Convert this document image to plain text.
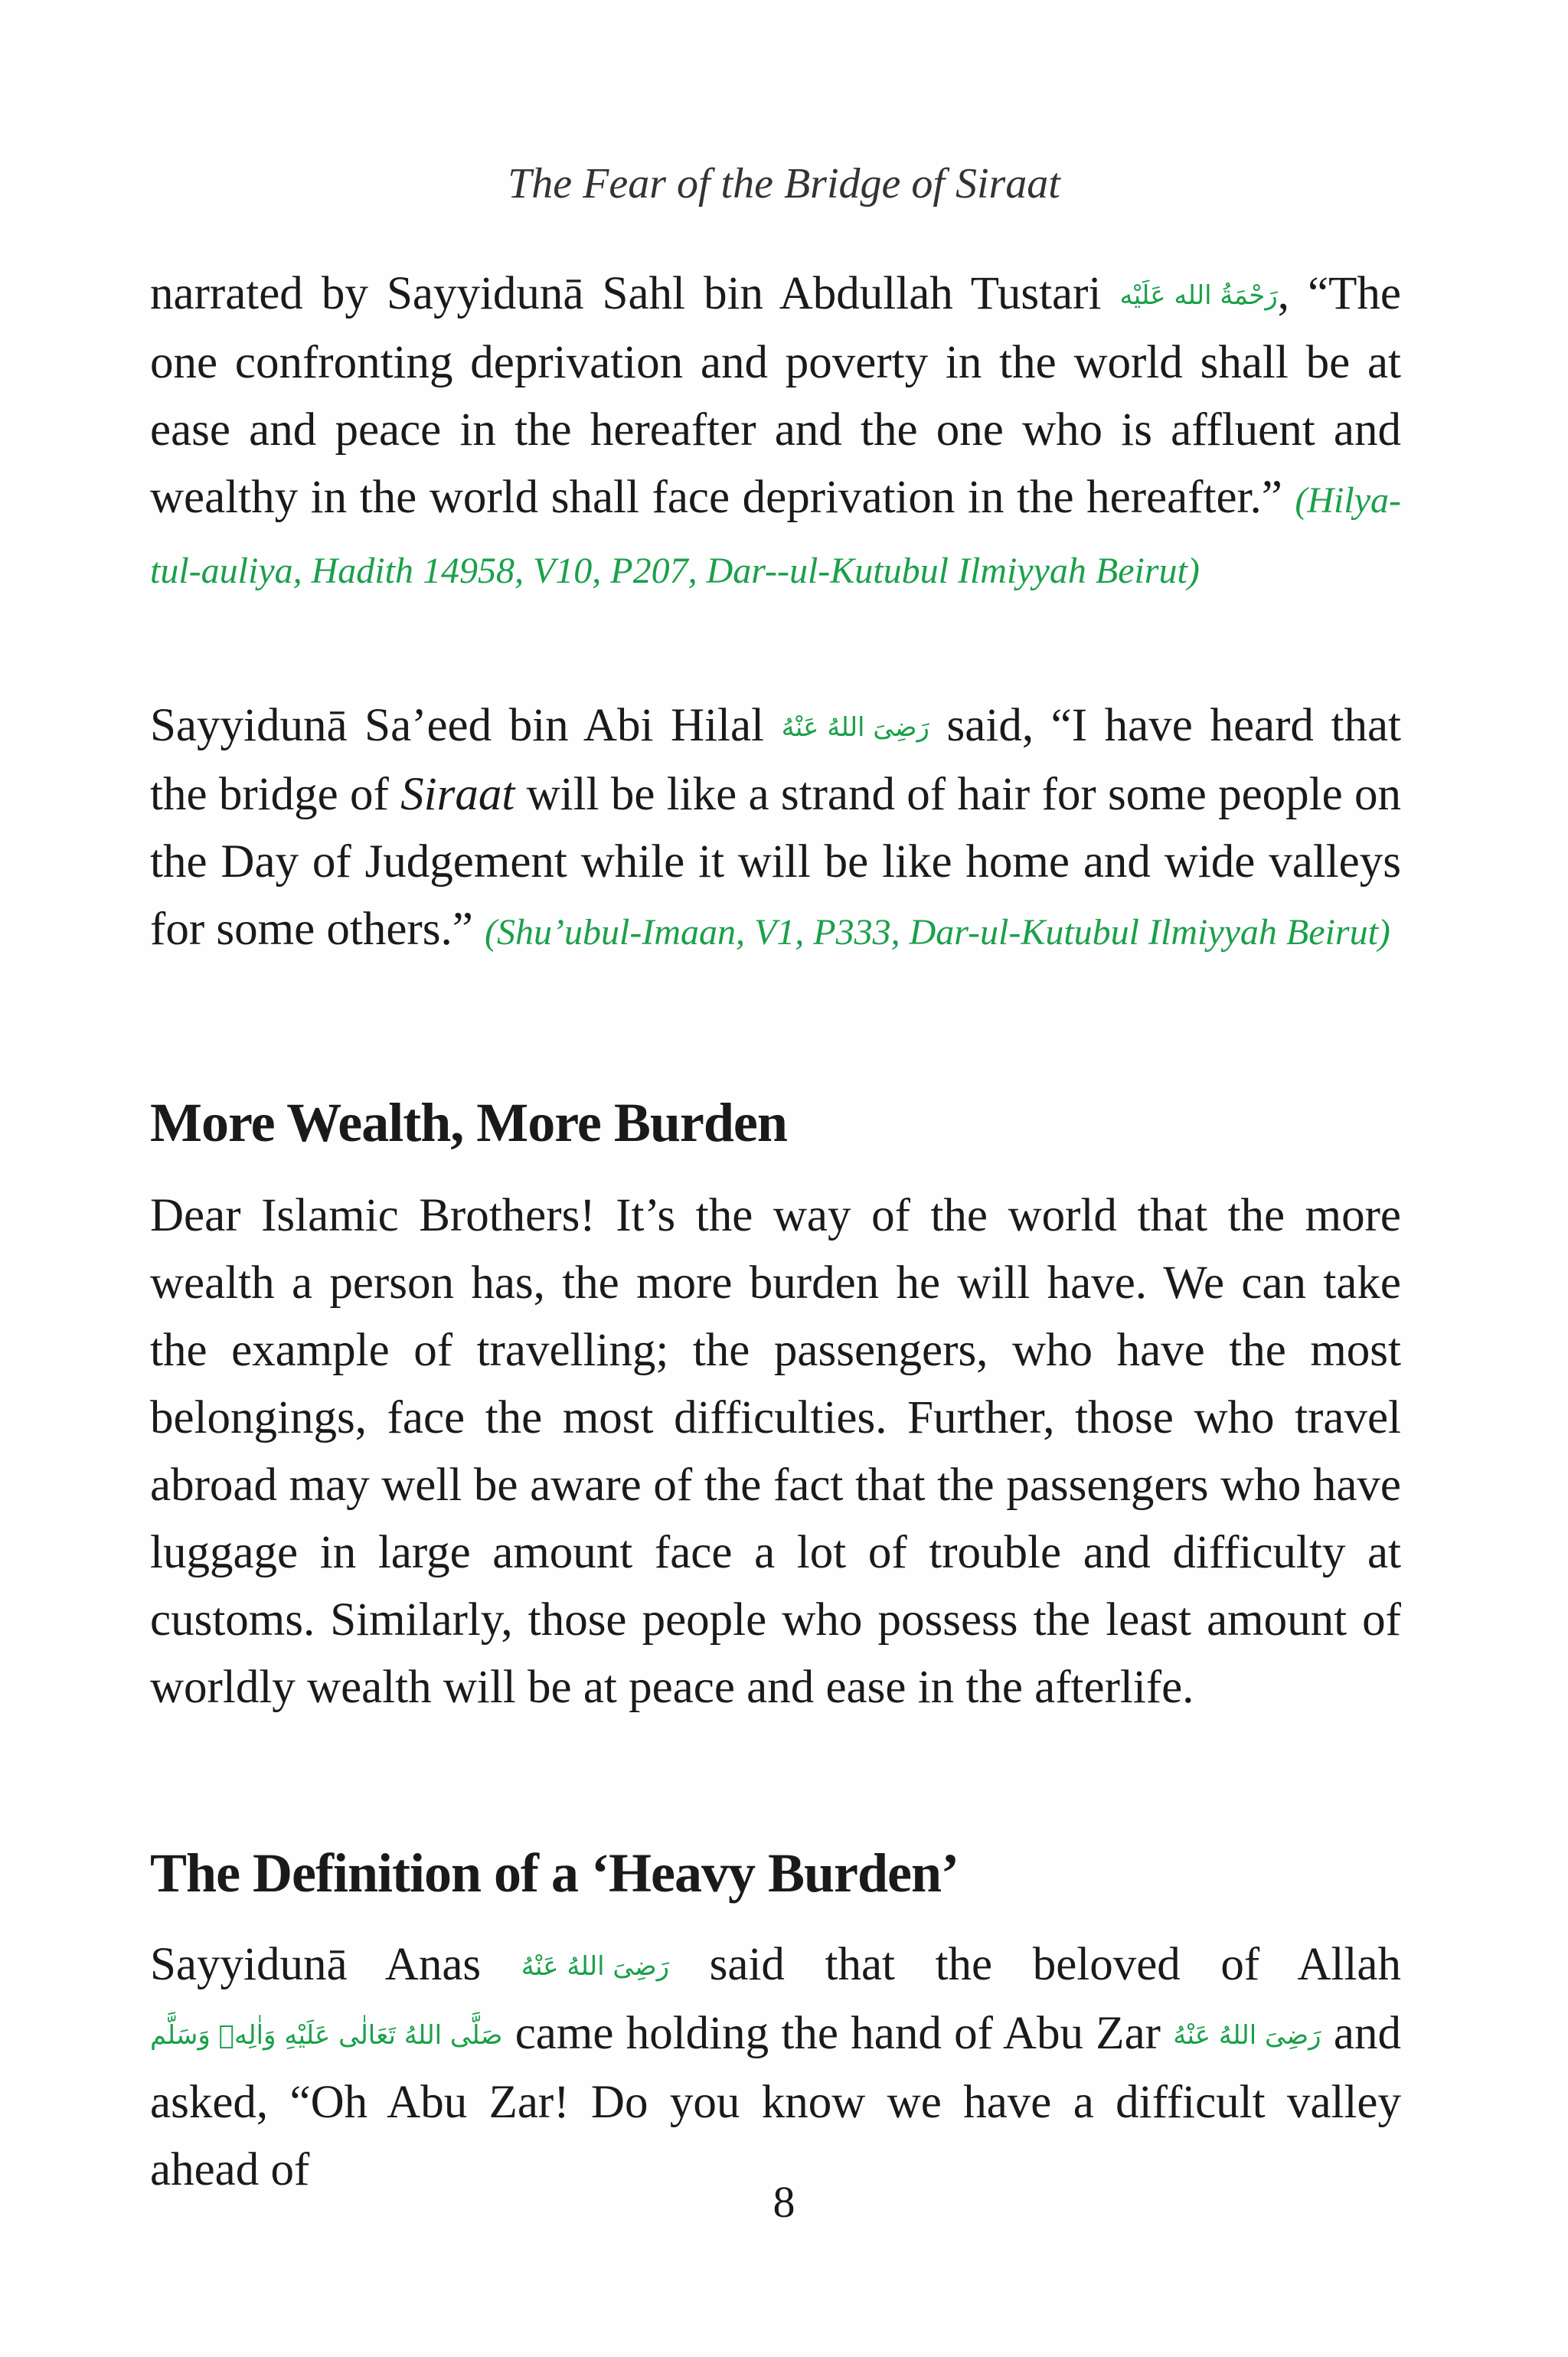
The Fear of the Bridge of Siraat

narrated by Sayyidunā Sahl bin Abdullah Tustari رَحْمَةُ الله عَلَيْه, “The one confronting deprivation and poverty in the world shall be at ease and peace in the hereafter and the one who is affluent and wealthy in the world shall face deprivation in the hereafter.” (Hilya-tul-auliya, Hadith 14958, V10, P207, Dar--ul-Kutubul Ilmiyyah Beirut)

Sayyidunā Sa’eed bin Abi Hilal رَضِىَ اللهُ عَنْهُ said, “I have heard that the bridge of Siraat will be like a strand of hair for some people on the Day of Judgement while it will be like home and wide valleys for some others.” (Shu’ubul-Imaan, V1, P333, Dar-ul-Kutubul Ilmiyyah Beirut)

More Wealth, More Burden

Dear Islamic Brothers! It’s the way of the world that the more wealth a person has, the more burden he will have. We can take the example of travelling; the passengers, who have the most belongings, face the most difficulties. Further, those who travel abroad may well be aware of the fact that the passengers who have luggage in large amount face a lot of trouble and difficulty at customs. Similarly, those people who possess the least amount of worldly wealth will be at peace and ease in the afterlife.

The Definition of a ‘Heavy Burden’

Sayyidunā Anas رَضِىَ اللهُ عَنْهُ said that the beloved of Allah صَلَّى اللهُ تَعَالٰى عَلَيْهِ وَاٰلِهٖ وَسَلَّم came holding the hand of Abu Zar رَضِىَ اللهُ عَنْهُ and asked, “Oh Abu Zar! Do you know we have a difficult valley ahead of

8
